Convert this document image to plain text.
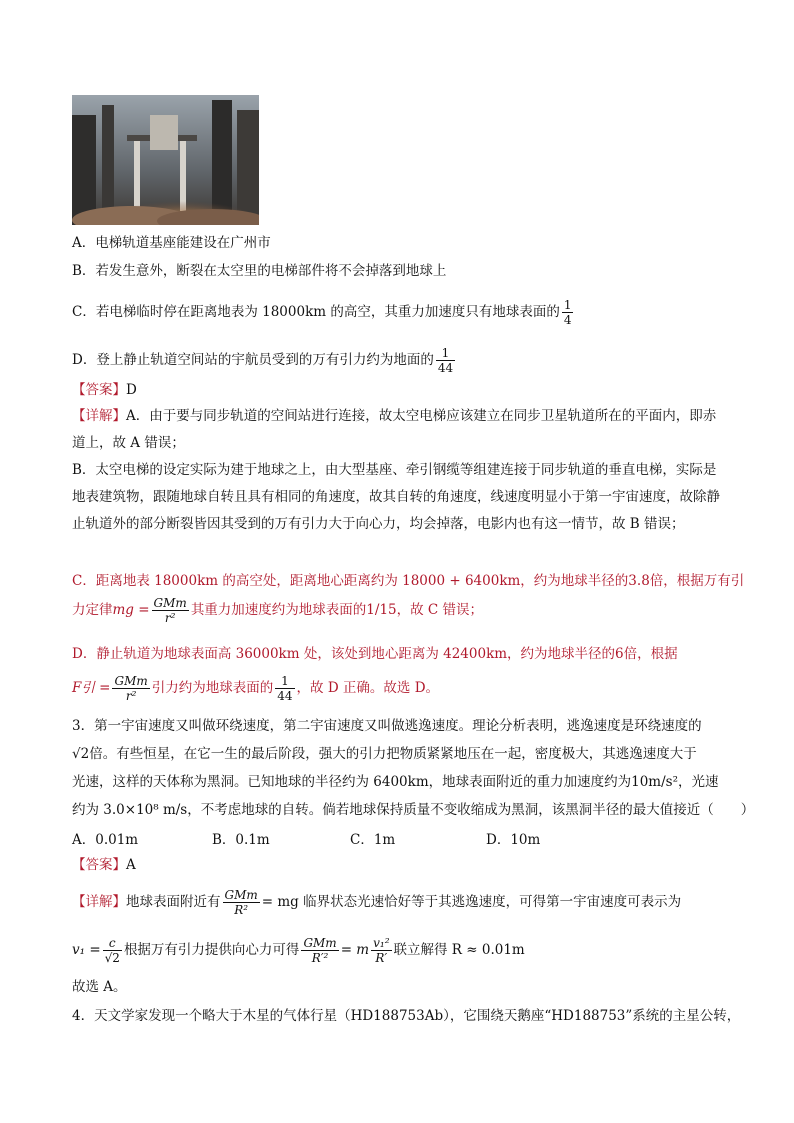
A．电梯轨道基座能建设在广州市
B．若发生意外，断裂在太空里的电梯部件将不会掉落到地球上
C．若电梯临时停在距离地表为 18000km 的高空，其重力加速度只有地球表面的 $\frac{1}{4}$
D．登上静止轨道空间站的宇航员受到的万有引力约为地面的 $\frac{1}{44}$
【答案】D
【详解】A．由于要与同步轨道的空间站进行连接，故太空电梯应该建立在同步卫星轨道所在的平面内，即赤道上，故 A 错误；
B．太空电梯的设定实际为建于地球之上，由大型基座、牵引钢缆等组建连接于同步轨道的垂直电梯，实际是地表建筑物，跟随地球自转且具有相同的角速度，故其自转的角速度，线速度明显小于第一宇宙速度，故除静止轨道外的部分断裂皆因其受到的万有引力大于向心力，均会掉落，电影内也有这一情节，故 B 错误；
C．距离地表 18000km 的高空处，距离地心距离约为 18000 + 6400km，约为地球半径的3.8倍，根据万有引
力定律mg = $\frac{\text{GMm}}{\text{r²}}$ 其重力加速度约为地球表面的1/15，故 C 错误；
D．静止轨道为地球表面高 36000km 处，该处到地心距离为 42400km，约为地球半径的6倍，根据
F引 = $\frac{\text{GMm}}{\text{r²}}$ 引力约为地球表面的 $\frac{1}{44}$ ，故 D 正确。故选 D。
3．第一宇宙速度又叫做环绕速度，第二宇宙速度又叫做逃逸速度。理论分析表明，逃逸速度是环绕速度的
√2倍。有些恒星，在它一生的最后阶段，强大的引力把物质紧紧地压在一起，密度极大，其逃逸速度大于
光速，这样的天体称为黑洞。已知地球的半径约为 6400km，地球表面附近的重力加速度约为10m/s²，光速
约为 3.0×10⁸ m/s，不考虑地球的自转。倘若地球保持质量不变收缩成为黑洞，该黑洞半径的最大值接近（　　）
A．0.01m	B．0.1m	C．1m	D．10m
【答案】A
【详解】地球表面附近有 $\frac{\text{GMm}}{\text{R²}}$ = mg 临界状态光速恰好等于其逃逸速度，可得第一宇宙速度可表示为
$v_1 = \frac{c}{√2}$ 根据万有引力提供向心力可得 $\frac{\text{GMm}}{\text{R′²}} = m \frac{\text{v₁²}}{R'}$ 联立解得 R ≈ 0.01m
故选 A。
4．天文学家发现一个略大于木星的气体行星（HD188753Ab），它围绕天鹅座“HD188753”系统的主星公转，
